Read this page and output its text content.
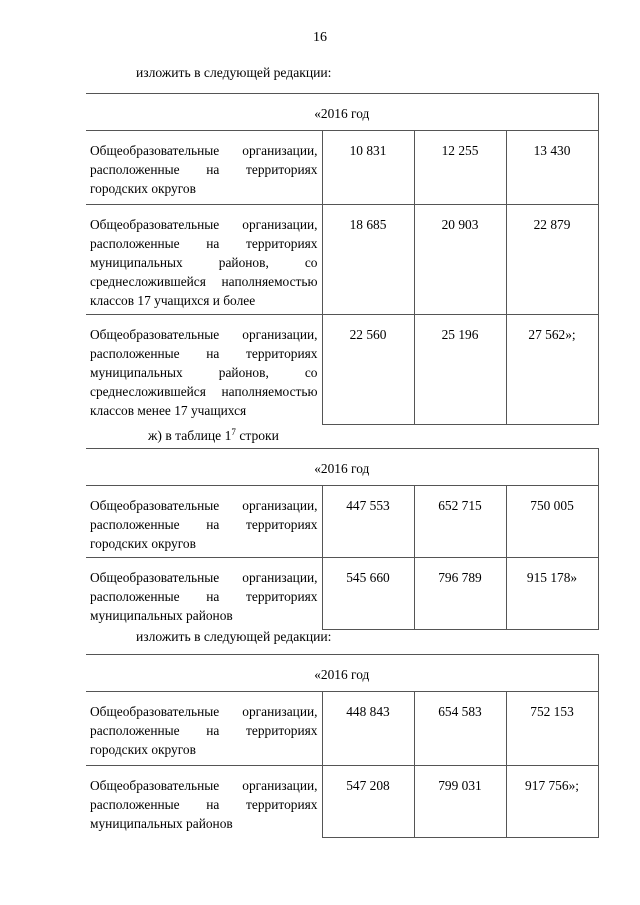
16
изложить в следующей редакции:
«2016 год			
Общеобразовательные организации, расположенные на территориях городских округов	10 831	12 255	13 430
Общеобразовательные организации, расположенные на территориях муниципальных районов, со среднесложившейся наполняемостью классов 17 учащихся и более	18 685	20 903	22 879
Общеобразовательные организации, расположенные на территориях муниципальных районов, со среднесложившейся наполняемостью классов менее 17 учащихся	22 560	25 196	27 562»;
ж) в таблице $1^7$ строки
«2016 год			
Общеобразовательные организации, расположенные на территориях городских округов	447 553	652 715	750 005
Общеобразовательные организации, расположенные на территориях муниципальных районов	545 660	796 789	915 178»
изложить в следующей редакции:
«2016 год			
Общеобразовательные организации, расположенные на территориях городских округов	448 843	654 583	752 153
Общеобразовательные организации, расположенные на территориях муниципальных районов	547 208	799 031	917 756»;
